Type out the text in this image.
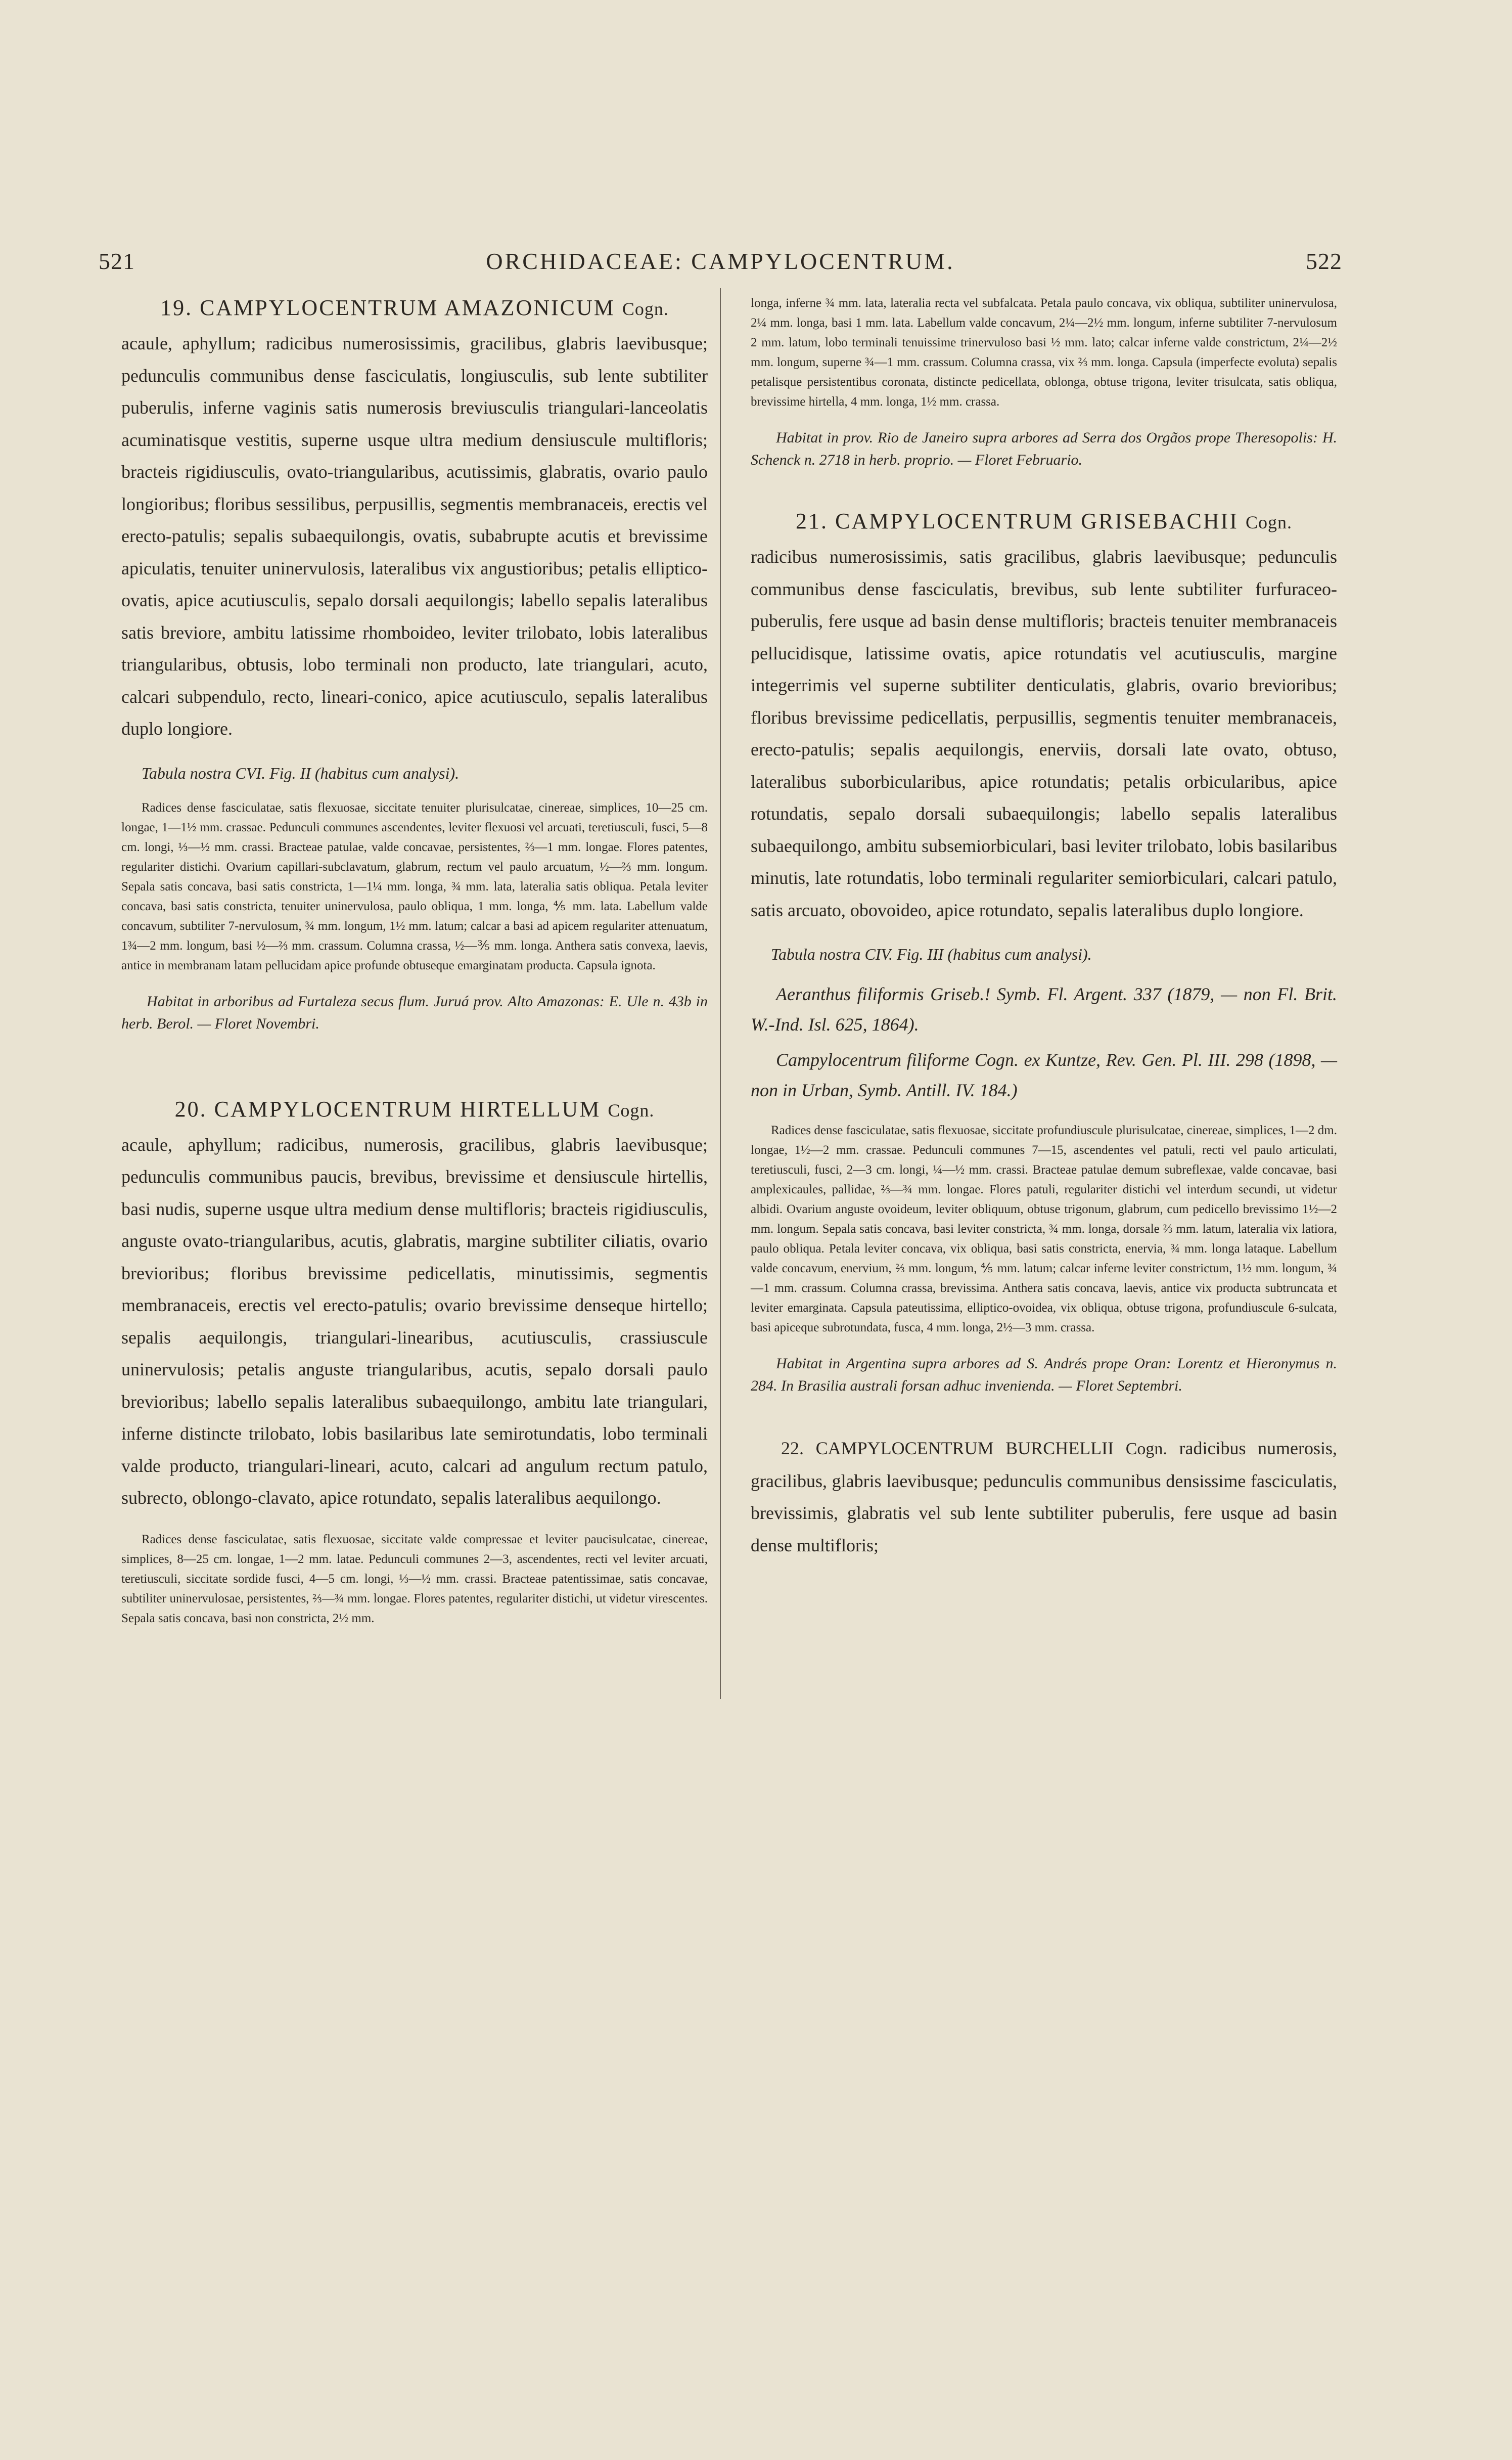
521	ORCHIDACEAE: CAMPYLOCENTRUM.	522
19. CAMPYLOCENTRUM AMAZONICUM Cogn.

acaule, aphyllum; radicibus numerosissimis, gracilibus, glabris laevibusque; pedunculis communibus dense fasciculatis, longiusculis, sub lente subtiliter puberulis, inferne vaginis satis numerosis breviusculis triangulari-lanceolatis acuminatisque vestitis, superne usque ultra medium densiuscule multifloris; bracteis rigidiusculis, ovato-triangularibus, acutissimis, glabratis, ovario paulo longioribus; floribus sessilibus, perpusillis, segmentis membranaceis, erectis vel erecto-patulis; sepalis subaequilongis, ovatis, subabrupte acutis et brevissime apiculatis, tenuiter uninervulosis, lateralibus vix angustioribus; petalis elliptico-ovatis, apice acutiusculis, sepalo dorsali aequilongis; labello sepalis lateralibus satis breviore, ambitu latissime rhomboideo, leviter trilobato, lobis lateralibus triangularibus, obtusis, lobo terminali non producto, late triangulari, acuto, calcari subpendulo, recto, lineari-conico, apice acutiusculo, sepalis lateralibus duplo longiore.

Tabula nostra CVI. Fig. II (habitus cum analysi).

Radices dense fasciculatae, satis flexuosae, siccitate tenuiter plurisulcatae, cinereae, simplices, 10—25 cm. longae, 1—1½ mm. crassae. Pedunculi communes ascendentes, leviter flexuosi vel arcuati, teretiusculi, fusci, 5—8 cm. longi, ⅓—½ mm. crassi. Bracteae patulae, valde concavae, persistentes, ⅔—1 mm. longae. Flores patentes, regulariter distichi. Ovarium capillari-subclavatum, glabrum, rectum vel paulo arcuatum, ½—⅔ mm. longum. Sepala satis concava, basi satis constricta, 1—1¼ mm. longa, ¾ mm. lata, lateralia satis obliqua. Petala leviter concava, basi satis constricta, tenuiter uninervulosa, paulo obliqua, 1 mm. longa, ⅘ mm. lata. Labellum valde concavum, subtiliter 7-nervulosum, ¾ mm. longum, 1½ mm. latum; calcar a basi ad apicem regulariter attenuatum, 1¾—2 mm. longum, basi ½—⅔ mm. crassum. Columna crassa, ½—⅗ mm. longa. Anthera satis convexa, laevis, antice in membranam latam pellucidam apice profunde obtuseque emarginatam producta. Capsula ignota.

Habitat in arboribus ad Furtaleza secus flum. Juruá prov. Alto Amazonas: E. Ule n. 43b in herb. Berol. — Floret Novembri.

20. CAMPYLOCENTRUM HIRTELLUM Cogn.

acaule, aphyllum; radicibus, numerosis, gracilibus, glabris laevibusque; pedunculis communibus paucis, brevibus, brevissime et densiuscule hirtellis, basi nudis, superne usque ultra medium dense multifloris; bracteis rigidiusculis, anguste ovato-triangularibus, acutis, glabratis, margine subtiliter ciliatis, ovario brevioribus; floribus brevissime pedicellatis, minutissimis, segmentis membranaceis, erectis vel erecto-patulis; ovario brevissime denseque hirtello; sepalis aequilongis, triangulari-linearibus, acutiusculis, crassiuscule uninervulosis; petalis anguste triangularibus, acutis, sepalo dorsali paulo brevioribus; labello sepalis lateralibus subaequilongo, ambitu late triangulari, inferne distincte trilobato, lobis basilaribus late semirotundatis, lobo terminali valde producto, triangulari-lineari, acuto, calcari ad angulum rectum patulo, subrecto, oblongo-clavato, apice rotundato, sepalis lateralibus aequilongo.

Radices dense fasciculatae, satis flexuosae, siccitate valde compressae et leviter paucisulcatae, cinereae, simplices, 8—25 cm. longae, 1—2 mm. latae. Pedunculi communes 2—3, ascendentes, recti vel leviter arcuati, teretiusculi, siccitate sordide fusci, 4—5 cm. longi, ⅓—½ mm. crassi. Bracteae patentissimae, satis concavae, subtiliter uninervulosae, persistentes, ⅔—¾ mm. longae. Flores patentes, regulariter distichi, ut videtur virescentes. Sepala satis concava, basi non constricta, 2½ mm.

longa, inferne ¾ mm. lata, lateralia recta vel subfalcata. Petala paulo concava, vix obliqua, subtiliter uninervulosa, 2¼ mm. longa, basi 1 mm. lata. Labellum valde concavum, 2¼—2½ mm. longum, inferne subtiliter 7-nervulosum 2 mm. latum, lobo terminali tenuissime trinervuloso basi ½ mm. lato; calcar inferne valde constrictum, 2¼—2½ mm. longum, superne ¾—1 mm. crassum. Columna crassa, vix ⅔ mm. longa. Capsula (imperfecte evoluta) sepalis petalisque persistentibus coronata, distincte pedicellata, oblonga, obtuse trigona, leviter trisulcata, satis obliqua, brevissime hirtella, 4 mm. longa, 1½ mm. crassa.

Habitat in prov. Rio de Janeiro supra arbores ad Serra dos Orgãos prope Theresopolis: H. Schenck n. 2718 in herb. proprio. — Floret Februario.

21. CAMPYLOCENTRUM GRISEBACHII Cogn.

radicibus numerosissimis, satis gracilibus, glabris laevibusque; pedunculis communibus dense fasciculatis, brevibus, sub lente subtiliter furfuraceo-puberulis, fere usque ad basin dense multifloris; bracteis tenuiter membranaceis pellucidisque, latissime ovatis, apice rotundatis vel acutiusculis, margine integerrimis vel superne subtiliter denticulatis, glabris, ovario brevioribus; floribus brevissime pedicellatis, perpusillis, segmentis tenuiter membranaceis, erecto-patulis; sepalis aequilongis, enerviis, dorsali late ovato, obtuso, lateralibus suborbicularibus, apice rotundatis; petalis orbicularibus, apice rotundatis, sepalo dorsali subaequilongis; labello sepalis lateralibus subaequilongo, ambitu subsemiorbiculari, basi leviter trilobato, lobis basilaribus minutis, late rotundatis, lobo terminali regulariter semiorbiculari, calcari patulo, satis arcuato, obovoideo, apice rotundato, sepalis lateralibus duplo longiore.

Tabula nostra CIV. Fig. III (habitus cum analysi).

Aeranthus filiformis Griseb.! Symb. Fl. Argent. 337 (1879, — non Fl. Brit. W.-Ind. Isl. 625, 1864).

Campylocentrum filiforme Cogn. ex Kuntze, Rev. Gen. Pl. III. 298 (1898, — non in Urban, Symb. Antill. IV. 184.)

Radices dense fasciculatae, satis flexuosae, siccitate profundiuscule plurisulcatae, cinereae, simplices, 1—2 dm. longae, 1½—2 mm. crassae. Pedunculi communes 7—15, ascendentes vel patuli, recti vel paulo articulati, teretiusculi, fusci, 2—3 cm. longi, ¼—½ mm. crassi. Bracteae patulae demum subreflexae, valde concavae, basi amplexicaules, pallidae, ⅔—¾ mm. longae. Flores patuli, regulariter distichi vel interdum secundi, ut videtur albidi. Ovarium anguste ovoideum, leviter obliquum, obtuse trigonum, glabrum, cum pedicello brevissimo 1½—2 mm. longum. Sepala satis concava, basi leviter constricta, ¾ mm. longa, dorsale ⅔ mm. latum, lateralia vix latiora, paulo obliqua. Petala leviter concava, vix obliqua, basi satis constricta, enervia, ¾ mm. longa lataque. Labellum valde concavum, enervium, ⅔ mm. longum, ⅘ mm. latum; calcar inferne leviter constrictum, 1½ mm. longum, ¾—1 mm. crassum. Columna crassa, brevissima. Anthera satis concava, laevis, antice vix producta subtruncata et leviter emarginata. Capsula pateutissima, elliptico-ovoidea, vix obliqua, obtuse trigona, profundiuscule 6-sulcata, basi apiceque subrotundata, fusca, 4 mm. longa, 2½—3 mm. crassa.

Habitat in Argentina supra arbores ad S. Andrés prope Oran: Lorentz et Hieronymus n. 284. In Brasilia australi forsan adhuc invenienda. — Floret Septembri.

22. CAMPYLOCENTRUM BURCHELLII Cogn. radicibus numerosis, gracilibus, glabris laevibusque; pedunculis communibus densissime fasciculatis, brevissimis, glabratis vel sub lente subtiliter puberulis, fere usque ad basin dense multifloris;
